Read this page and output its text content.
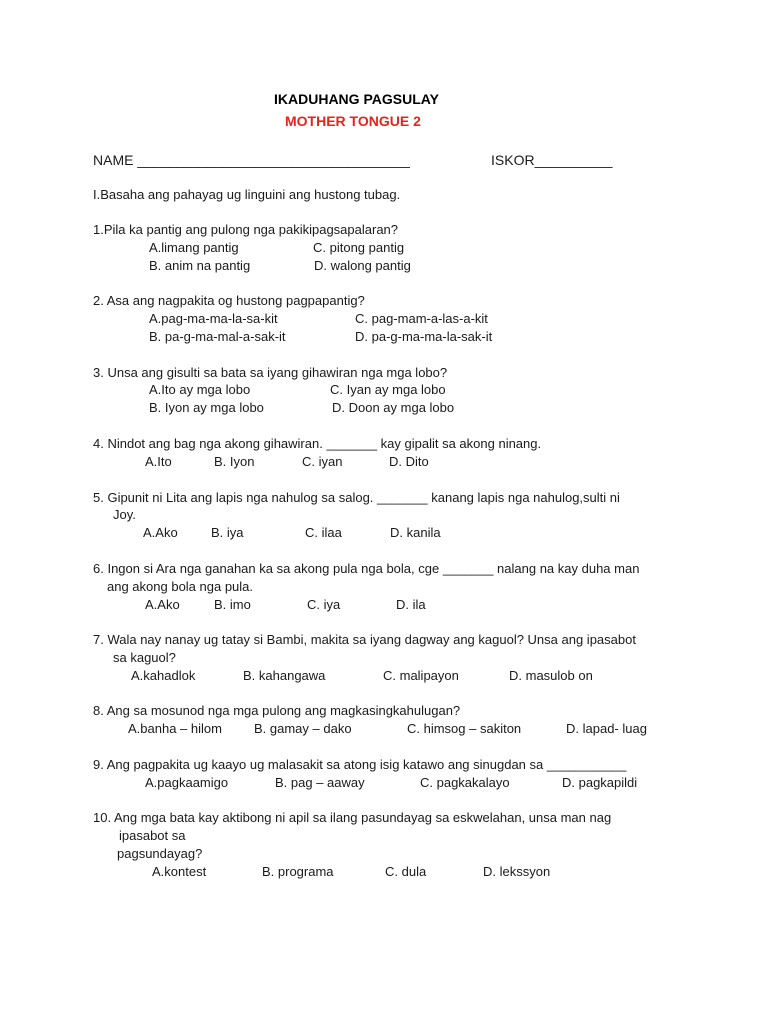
IKADUHANG PAGSULAY
MOTHER TONGUE 2
NAME ___________________________________	ISKOR__________
I.Basaha ang pahayag ug linguini ang hustong tubag.
1.Pila ka pantig ang pulong nga pakikipagsapalaran?
A.limang pantig	C. pitong pantig
B. anim na pantig	D. walong pantig
2. Asa ang nagpakita og hustong pagpapantig?
A.pag-ma-ma-la-sa-kit	C. pag-mam-a-las-a-kit
B. pa-g-ma-mal-a-sak-it	D. pa-g-ma-ma-la-sak-it
3. Unsa ang gisulti sa bata sa iyang gihawiran nga mga lobo?
A.Ito ay mga lobo	C. Iyan ay mga lobo
B. Iyon ay mga lobo	D. Doon ay mga lobo
4. Nindot ang bag nga akong gihawiran. _______ kay gipalit sa akong ninang.
A.Ito	B. Iyon	C. iyan	D. Dito
5. Gipunit ni Lita ang lapis nga nahulog sa salog. _______ kanang lapis nga nahulog,sulti ni
Joy.
A.Ako	B. iya	C. ilaa	D. kanila
6. Ingon si Ara nga ganahan ka sa akong pula nga bola, cge _______ nalang na kay duha man
ang akong bola nga pula.
A.Ako	B. imo	C. iya	D. ila
7. Wala nay nanay ug tatay si Bambi, makita sa iyang dagway ang kaguol? Unsa ang ipasabot
sa kaguol?
A.kahadlok	B. kahangawa	C. malipayon	D. masulob on
8. Ang sa mosunod nga mga pulong ang magkasingkahulugan?
A.banha – hilom B. gamay – dako	C. himsog – sakiton	D. lapad- luag
9. Ang pagpakita ug kaayo ug malasakit sa atong isig katawo ang sinugdan sa ___________
A.pagkaamigo	B. pag – aaway	C. pagkakalayo	D. pagkapildi
10. Ang mga bata kay aktibong ni apil sa ilang pasundayag sa eskwelahan, unsa man nag
ipasabot sa
pagsundayag?
A.kontest	B. programa	C. dula	D. lekssyon
